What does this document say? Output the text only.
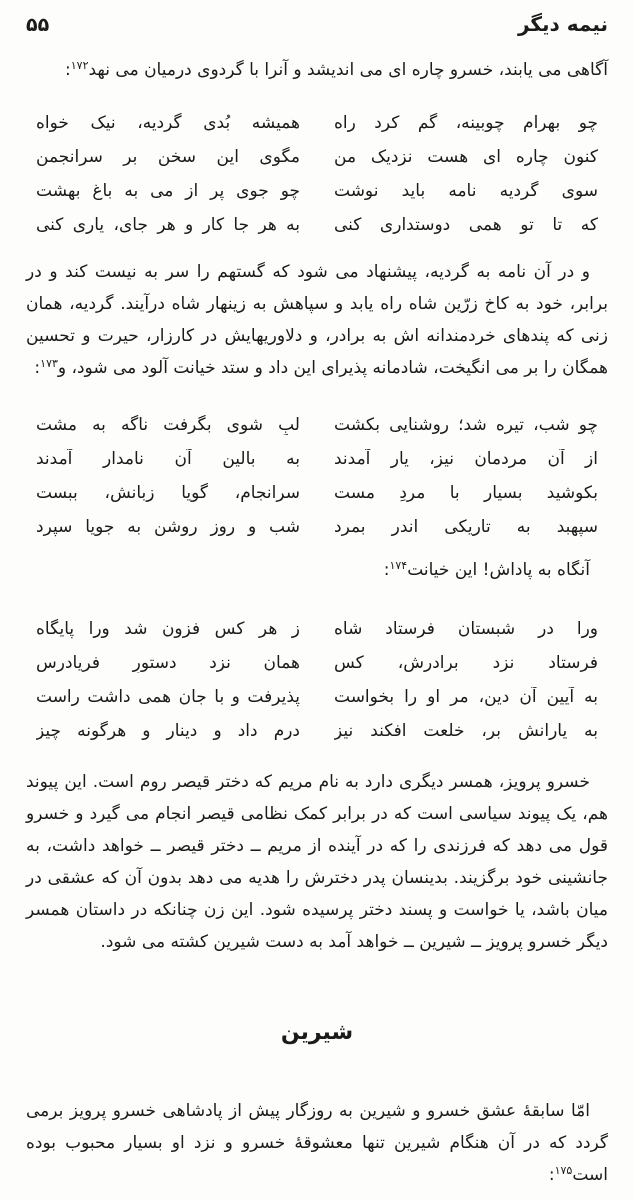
نیمه دیگر
۵۵

آگاهی می یابند، خسرو چاره ای می اندیشد و آنرا با گردوی درمیان می نهد$^{۱۷۲}$:

چو بهرام چوبینه، گم کرد راه
همیشه بُدی گردیه، نیک خواه
کنون چاره ای هست نزدیک من
مگوی این سخن بر سرانجمن
سوی گردیه نامه باید نوشت
چو جوی پر از می به باغ بهشت
که تا تو همی دوستداری کنی
به هر جا کار و هر جای، یاری کنی

و در آن نامه به گردیه، پیشنهاد می شود که گستهم را سر به نیست کند و در برابر، خود به کاخ زرّین شاه راه یابد و سپاهش به زینهار شاه درآیند. گردیه، همان زنی که پندهای خردمندانه اش به برادر، و دلاوریهایش در کارزار، حیرت و تحسین همگان را بر می انگیخت، شادمانه پذیرای این داد و ستد خیانت آلود می شود، و$^{۱۷۳}$:

چو شب، تیره شد؛ روشنایی بکشت
لبِ شوی بگرفت ناگه به مشت
از آن مردمان نیز، یار آمدند
به بالین آن نامدار آمدند
بکوشید بسیار با مردِ مست
سرانجام، گویا زبانش، ببست
سپهبد به تاریکی اندر بمرد
شب و روز روشن به جویا سپرد

آنگاه به پاداش! این خیانت$^{۱۷۴}$:

ورا در شبستان فرستاد شاه
ز هر کس فزون شد ورا پایگاه
فرستاد نزد برادرش، کس
همان نزد دستورِ فریادرس
به آیین آن دین، مر او را بخواست
پذیرفت و با جان همی داشت راست
به یارانش بر، خلعت افکند نیز
درم داد و دینار و هرگونه چیز

خسرو پرویز، همسر دیگری دارد به نام مریم که دختر قیصر روم است. این پیوند هم، یک پیوند سیاسی است که در برابر کمک نظامی قیصر انجام می گیرد و خسرو قول می دهد که فرزندی را که در آینده از مریم ــ دختر قیصر ــ خواهد داشت، به جانشینی خود برگزیند. بدینسان پدر دخترش را هدیه می دهد بدون آن که عشقی در میان باشد، یا خواست و پسند دختر پرسیده شود. این زن چنانکه در داستان همسر دیگر خسرو پرویز ــ شیرین ــ خواهد آمد به دست شیرین کشته می شود.

شیرین

امّا سابقهٔ عشق خسرو و شیرین به روزگار پیش از پادشاهی خسرو پرویز برمی گردد که در آن هنگام شیرین تنها معشوقهٔ خسرو و نزد او بسیار محبوب بوده است$^{۱۷۵}$:
